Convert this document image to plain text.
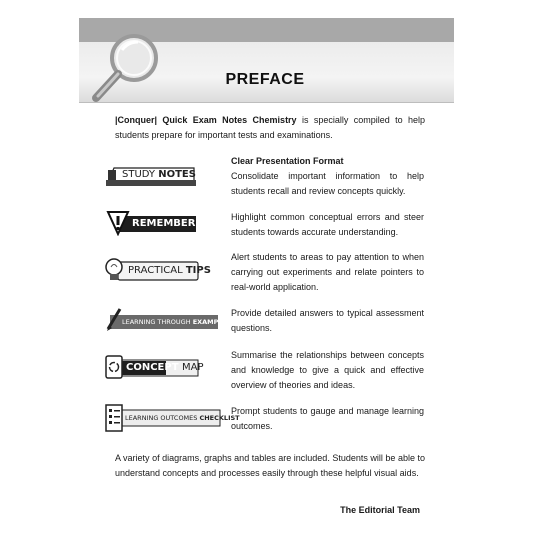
PREFACE
|Conquer| Quick Exam Notes Chemistry is specially compiled to help students prepare for important tests and examinations.
STUDY NOTES
Clear Presentation Format
Consolidate important information to help students recall and review concepts quickly.
REMEMBER
Highlight common conceptual errors and steer students towards accurate understanding.
PRACTICAL TIPS
Alert students to areas to pay attention to when carrying out experiments and relate pointers to real-world application.
LEARNING THROUGH EXAMPLES
Provide detailed answers to typical assessment questions.
CONCEPT MAP
Summarise the relationships between concepts and knowledge to give a quick and effective overview of theories and ideas.
LEARNING OUTCOMES CHECKLIST
Prompt students to gauge and manage learning outcomes.
A variety of diagrams, graphs and tables are included. Students will be able to understand concepts and processes easily through these helpful visual aids.
The Editorial Team
